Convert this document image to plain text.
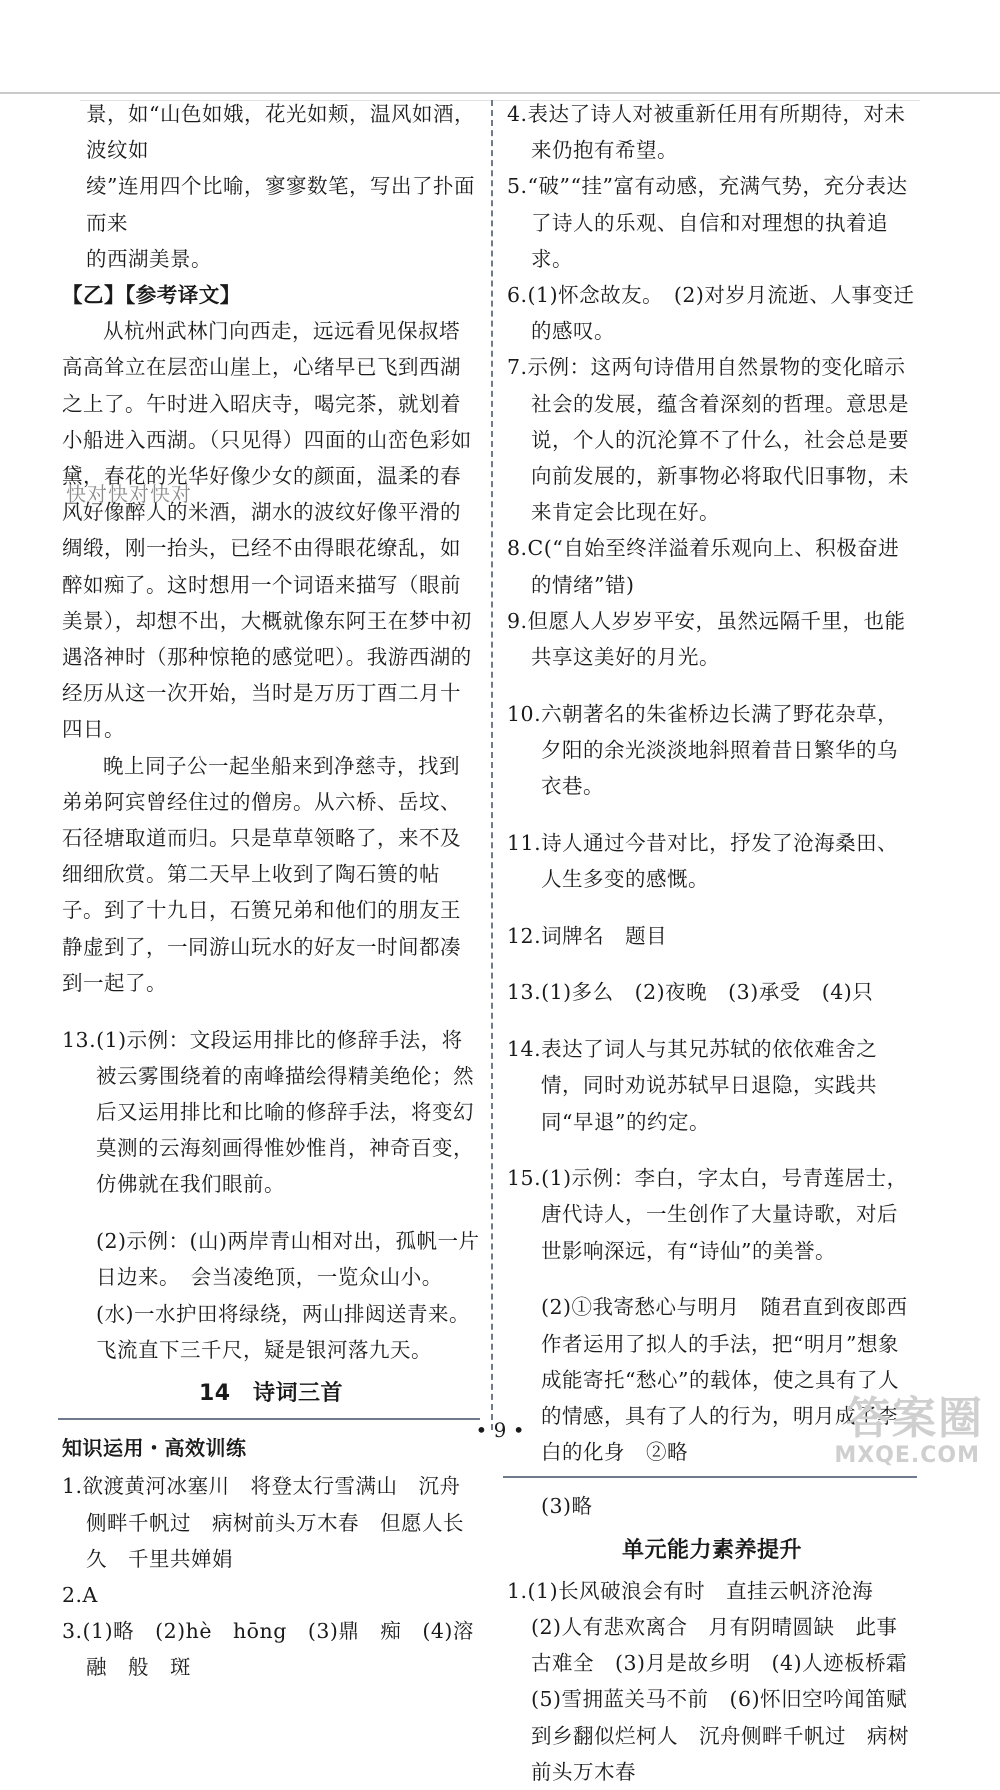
景，如“山色如娥，花光如颊，温风如酒，波纹如

绫”连用四个比喻，寥寥数笔，写出了扑面而来

的西湖美景。

【乙】【参考译文】

从杭州武林门向西走，远远看见保叔塔高高耸立在层峦山崖上，心绪早已飞到西湖之上了。午时进入昭庆寺，喝完茶，就划着小船进入西湖。（只见得）四面的山峦色彩如黛，春花的光华好像少女的颜面，温柔的春风好像醉人的米酒，湖水的波纹好像平滑的绸缎，刚一抬头，已经不由得眼花缭乱，如醉如痴了。这时想用一个词语来描写（眼前美景），却想不出，大概就像东阿王在梦中初遇洛神时（那种惊艳的感觉吧）。我游西湖的经历从这一次开始，当时是万历丁酉二月十四日。

晚上同子公一起坐船来到净慈寺，找到弟弟阿宾曾经住过的僧房。从六桥、岳坟、石径塘取道而归。只是草草领略了，来不及细细欣赏。第二天早上收到了陶石篑的帖子。到了十九日，石篑兄弟和他们的朋友王静虚到了，一同游山玩水的好友一时间都凑到一起了。

13.(1)示例：文段运用排比的修辞手法，将被云雾围绕着的南峰描绘得精美绝伦；然后又运用排比和比喻的修辞手法，将变幻莫测的云海刻画得惟妙惟肖，神奇百变，仿佛就在我们眼前。

(2)示例：(山)两岸青山相对出，孤帆一片日边来。　会当凌绝顶，一览众山小。

(水)一水护田将绿绕，两山排闼送青来。

飞流直下三千尺，疑是银河落九天。

14　诗词三首

知识运用・高效训练

1.欲渡黄河冰塞川　将登太行雪满山　沉舟侧畔千帆过　病树前头万木春　但愿人长久　千里共婵娟

2.A

3.(1)略　(2)hè　hōng　(3)鼎　痴　(4)溶　融　般　斑

4.表达了诗人对被重新任用有所期待，对未来仍抱有希望。

5.“破”“挂”富有动感，充满气势，充分表达了诗人的乐观、自信和对理想的执着追求。

6.(1)怀念故友。　(2)对岁月流逝、人事变迁的感叹。

7.示例：这两句诗借用自然景物的变化暗示社会的发展，蕴含着深刻的哲理。意思是说，个人的沉沦算不了什么，社会总是要向前发展的，新事物必将取代旧事物，未来肯定会比现在好。

8.C(“自始至终洋溢着乐观向上、积极奋进的情绪”错)

9.但愿人人岁岁平安，虽然远隔千里，也能共享这美好的月光。

10.六朝著名的朱雀桥边长满了野花杂草，夕阳的余光淡淡地斜照着昔日繁华的乌衣巷。

11.诗人通过今昔对比，抒发了沧海桑田、人生多变的感慨。

12.词牌名　题目

13.(1)多么　(2)夜晚　(3)承受　(4)只

14.表达了词人与其兄苏轼的依依难舍之情，同时劝说苏轼早日退隐，实践共同“早退”的约定。

15.(1)示例：李白，字太白，号青莲居士，唐代诗人，一生创作了大量诗歌，对后世影响深远，有“诗仙”的美誉。

(2)①我寄愁心与明月　随君直到夜郎西　作者运用了拟人的手法，把“明月”想象成能寄托“愁心”的载体，使之具有了人的情感，具有了人的行为，明月成了李白的化身　②略

(3)略

单元能力素养提升

1.(1)长风破浪会有时　直挂云帆济沧海　(2)人有悲欢离合　月有阴晴圆缺　此事古难全　(3)月是故乡明　(4)人迹板桥霜　(5)雪拥蓝关马不前　(6)怀旧空吟闻笛赋　到乡翻似烂柯人　沉舟侧畔千帆过　病树前头万木春

快对快对快对
• 9 •	答案圈
MXQE.COM
